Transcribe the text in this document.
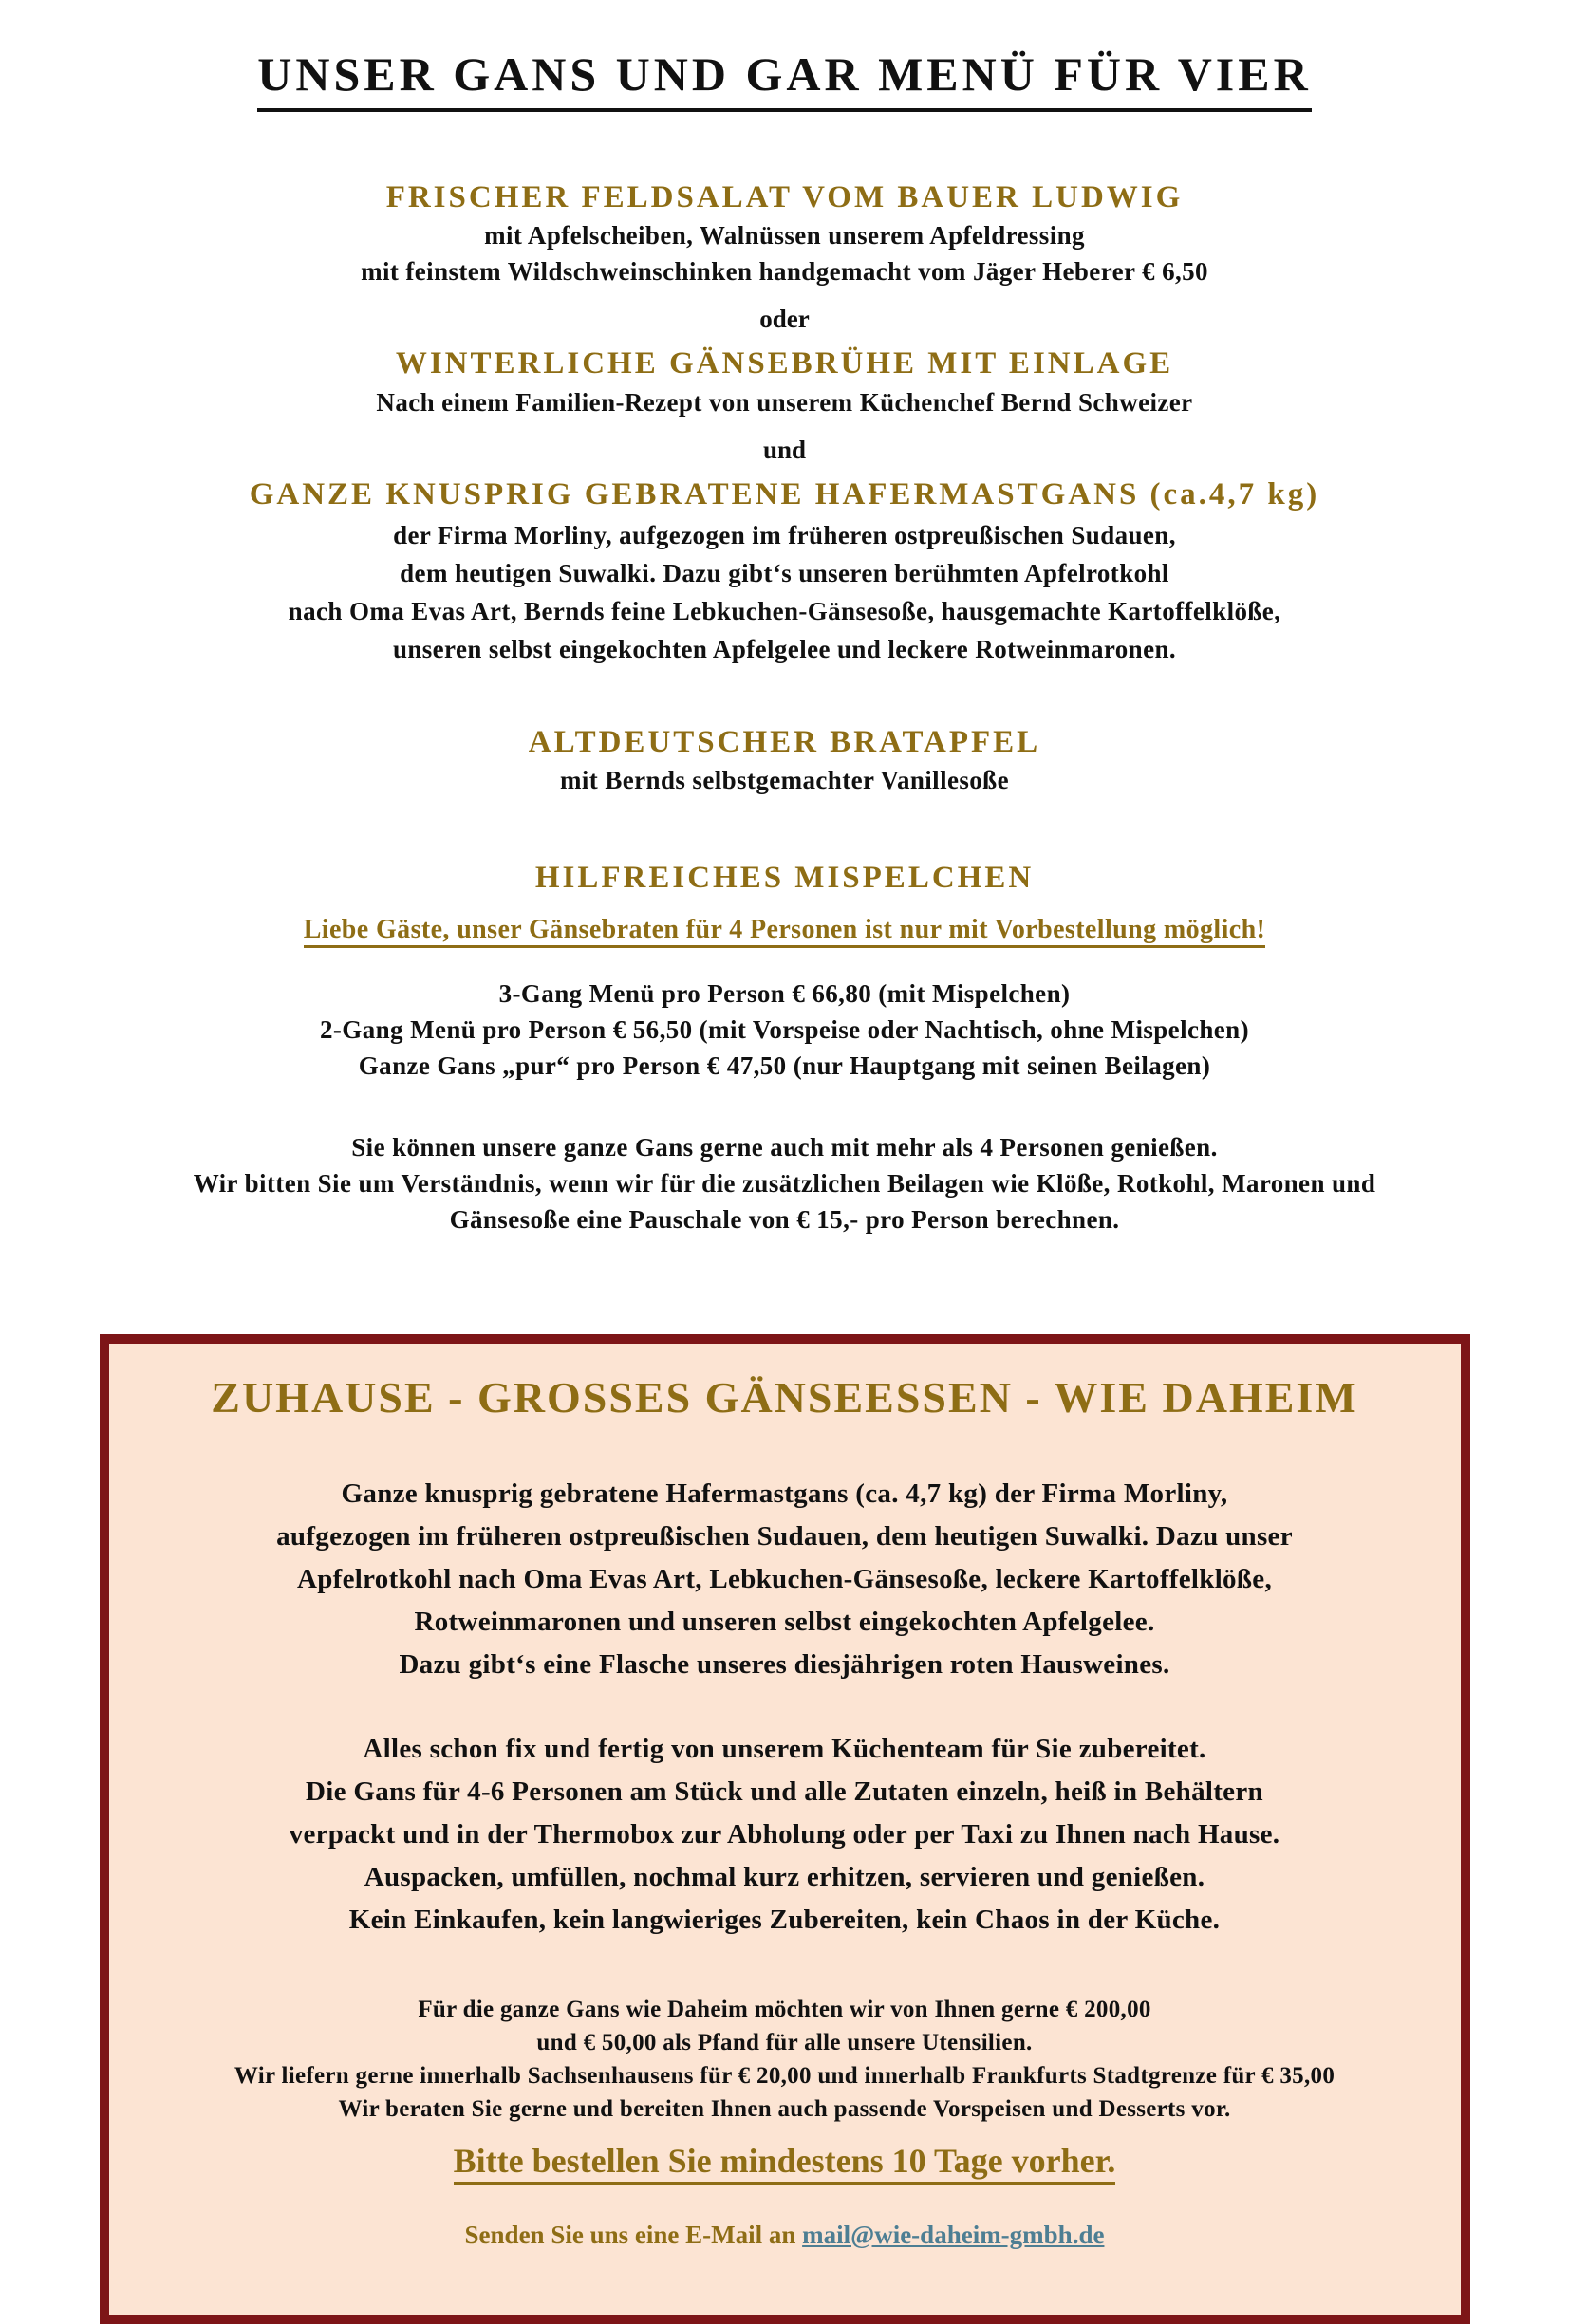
UNSER GANS UND GAR MENÜ FÜR VIER
FRISCHER FELDSALAT VOM BAUER LUDWIG

mit Apfelscheiben, Walnüssen unserem Apfeldressing

mit feinstem Wildschweinschinken handgemacht vom Jäger Heberer € 6,50

oder

WINTERLICHE GÄNSEBRÜHE MIT EINLAGE

Nach einem Familien-Rezept von unserem Küchenchef Bernd Schweizer

und

GANZE KNUSPRIG GEBRATENE HAFERMASTGANS (ca.4,7 kg)

der Firma Morliny, aufgezogen im früheren ostpreußischen Sudauen,

dem heutigen Suwalki. Dazu gibt‘s unseren berühmten Apfelrotkohl

nach Oma Evas Art, Bernds feine Lebkuchen-Gänsesoße, hausgemachte Kartoffelklöße,

unseren selbst eingekochten Apfelgelee und leckere Rotweinmaronen.

ALTDEUTSCHER BRATAPFEL

mit Bernds selbstgemachter Vanillesoße

HILFREICHES MISPELCHEN

Liebe Gäste, unser Gänsebraten für 4 Personen ist nur mit Vorbestellung möglich!

3-Gang Menü pro Person € 66,80 (mit Mispelchen)

2-Gang Menü pro Person € 56,50 (mit Vorspeise oder Nachtisch, ohne Mispelchen)

Ganze Gans „pur“ pro Person € 47,50 (nur Hauptgang mit seinen Beilagen)

Sie können unsere ganze Gans gerne auch mit mehr als 4 Personen genießen.

Wir bitten Sie um Verständnis, wenn wir für die zusätzlichen Beilagen wie Klöße, Rotkohl, Maronen und

Gänsesoße eine Pauschale von € 15,- pro Person berechnen.

ZUHAUSE - GROSSES GÄNSEESSEN - WIE DAHEIM

Ganze knusprig gebratene Hafermastgans (ca. 4,7 kg) der Firma Morliny,

aufgezogen im früheren ostpreußischen Sudauen, dem heutigen Suwalki. Dazu unser

Apfelrotkohl nach Oma Evas Art, Lebkuchen-Gänsesoße, leckere Kartoffelklöße,

Rotweinmaronen und unseren selbst eingekochten Apfelgelee.

Dazu gibt‘s eine Flasche unseres diesjährigen roten Hausweines.

Alles schon fix und fertig von unserem Küchenteam für Sie zubereitet.

Die Gans für 4-6 Personen am Stück und alle Zutaten einzeln, heiß in Behältern

verpackt und in der Thermobox zur Abholung oder per Taxi zu Ihnen nach Hause.

Auspacken, umfüllen, nochmal kurz erhitzen, servieren und genießen.

Kein Einkaufen, kein langwieriges Zubereiten, kein Chaos in der Küche.

Für die ganze Gans wie Daheim möchten wir von Ihnen gerne € 200,00

und € 50,00 als Pfand für alle unsere Utensilien.

Wir liefern gerne innerhalb Sachsenhausens für € 20,00 und innerhalb Frankfurts Stadtgrenze für € 35,00

Wir beraten Sie gerne und bereiten Ihnen auch passende Vorspeisen und Desserts vor.

Bitte bestellen Sie mindestens 10 Tage vorher.

Senden Sie uns eine E-Mail an mail@wie-daheim-gmbh.de
